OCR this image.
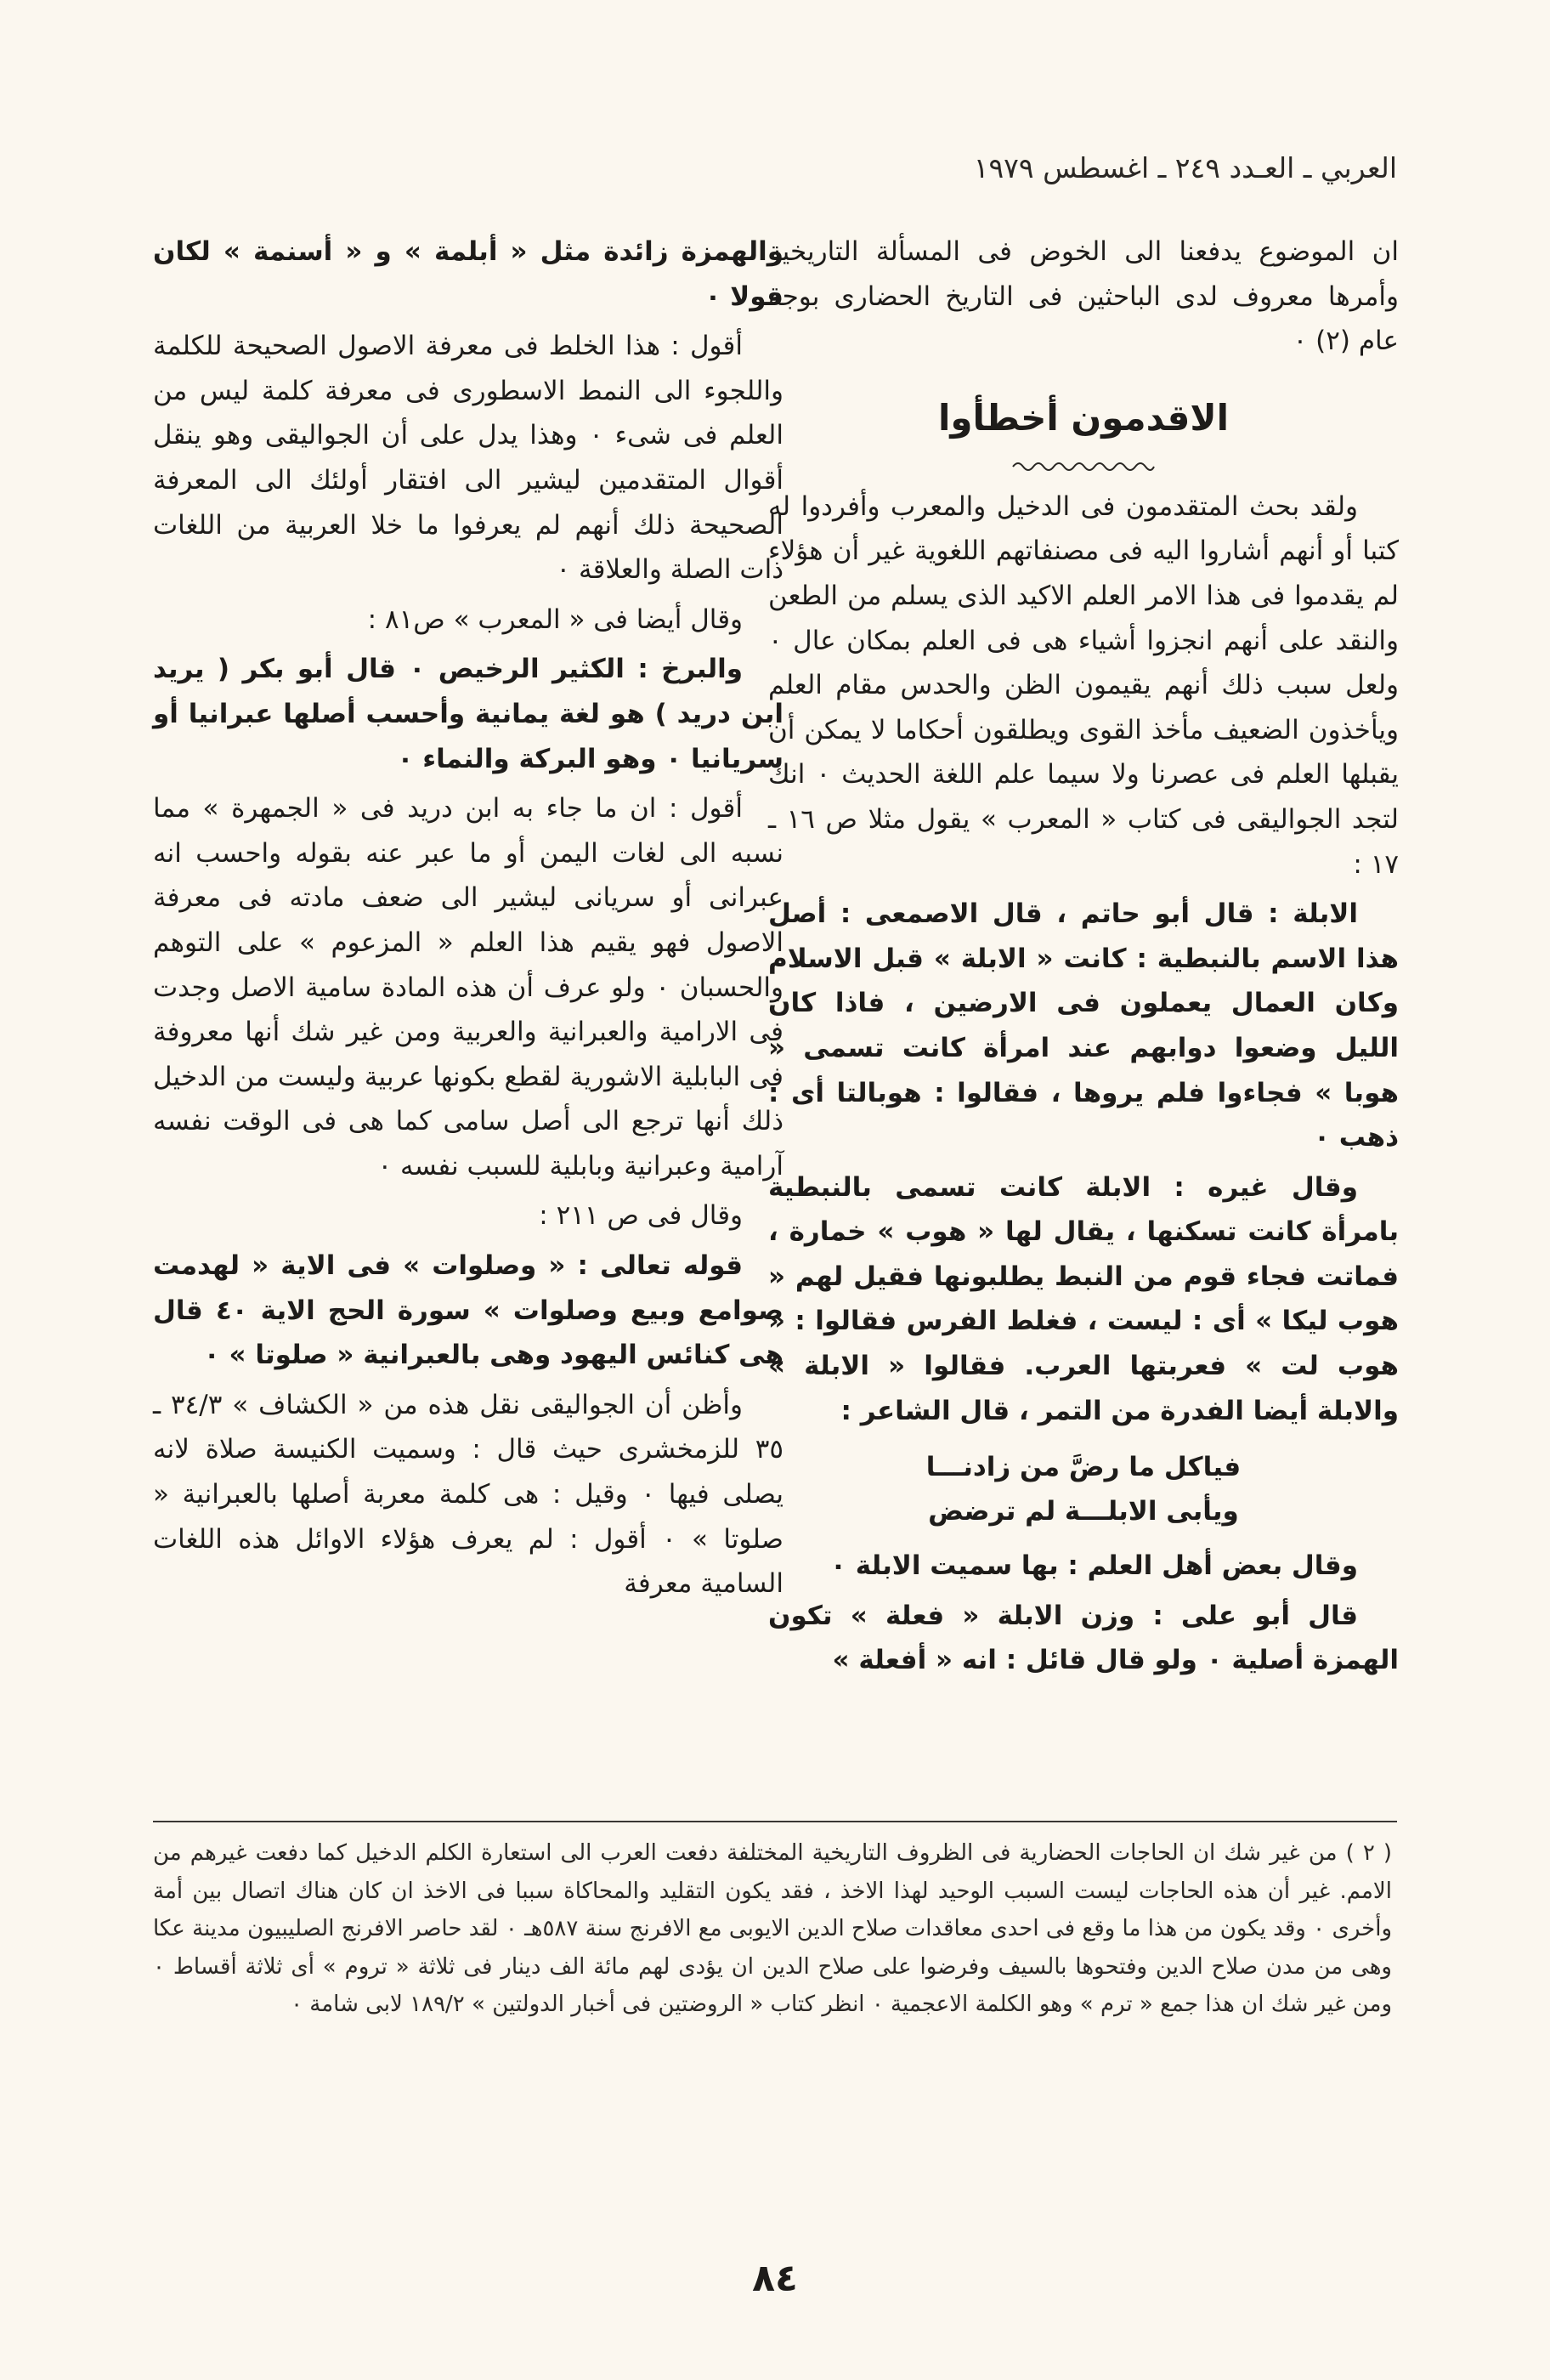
العربي ـ العـدد ٢٤٩ ـ اغسطس ١٩٧٩

ان الموضوع يدفعنا الى الخوض فى المسألة التاريخية وأمرها معروف لدى الباحثين فى التاريخ الحضارى بوجه عام (٢) ٠

الاقدمون أخطأوا

ولقد بحث المتقدمون فى الدخيل والمعرب وأفردوا له كتبا أو أنهم أشاروا اليه فى مصنفاتهم اللغوية غير أن هؤلاء لم يقدموا فى هذا الامر العلم الاكيد الذى يسلم من الطعن والنقد على أنهم انجزوا أشياء هى فى العلم بمكان عال ٠ ولعل سبب ذلك أنهم يقيمون الظن والحدس مقام العلم ويأخذون الضعيف مأخذ القوى ويطلقون أحكاما لا يمكن أن يقبلها العلم فى عصرنا ولا سيما علم اللغة الحديث ٠ انك لتجد الجواليقى فى كتاب « المعرب » يقول مثلا ص ١٦ ـ ١٧ :

الابلة : قال أبو حاتم ، قال الاصمعى : أصل هذا الاسم بالنبطية : كانت « الابلة » قبل الاسلام وكان العمال يعملون فى الارضين ، فاذا كان الليل وضعوا دوابهم عند امرأة كانت تسمى « هوبا » فجاءوا فلم يروها ، فقالوا : هوبالتا أى : ذهب ٠

وقال غيره : الابلة كانت تسمى بالنبطية بامرأة كانت تسكنها ، يقال لها « هوب » خمارة ، فماتت فجاء قوم من النبط يطلبونها فقيل لهم « هوب ليكا » أى : ليست ، فغلط الفرس فقالوا : « هوب لت » فعربتها العرب. فقالوا « الابلة » والابلة أيضا الفدرة من التمر ، قال الشاعر :

فياكل ما رضَّ من زادنـــا
ويأبى الابلـــة لم ترضض

وقال بعض أهل العلم : بها سميت الابلة ٠

قال أبو على : وزن الابلة « فعلة » تكون الهمزة أصلية ٠ ولو قال قائل : انه « أفعلة »

والهمزة زائدة مثل « أبلمة » و « أسنمة » لكان قولا ٠

أقول : هذا الخلط فى معرفة الاصول الصحيحة للكلمة واللجوء الى النمط الاسطورى فى معرفة كلمة ليس من العلم فى شىء ٠ وهذا يدل على أن الجواليقى وهو ينقل أقوال المتقدمين ليشير الى افتقار أولئك الى المعرفة الصحيحة ذلك أنهم لم يعرفوا ما خلا العربية من اللغات ذات الصلة والعلاقة ٠

وقال أيضا فى « المعرب » ص٨١ :

والبرخ : الكثير الرخيص ٠ قال أبو بكر ( يريد ابن دريد ) هو لغة يمانية وأحسب أصلها عبرانيا أو سريانيا ٠ وهو البركة والنماء ٠

أقول : ان ما جاء به ابن دريد فى « الجمهرة » مما نسبه الى لغات اليمن أو ما عبر عنه بقوله واحسب انه عبرانى أو سريانى ليشير الى ضعف مادته فى معرفة الاصول فهو يقيم هذا العلم « المزعوم » على التوهم والحسبان ٠ ولو عرف أن هذه المادة سامية الاصل وجدت فى الارامية والعبرانية والعربية ومن غير شك أنها معروفة فى البابلية الاشورية لقطع بكونها عربية وليست من الدخيل ذلك أنها ترجع الى أصل سامى كما هى فى الوقت نفسه آرامية وعبرانية وبابلية للسبب نفسه ٠

وقال فى ص ٢١١ :

قوله تعالى : « وصلوات » فى الاية « لهدمت صوامع وبيع وصلوات » سورة الحج الاية ٤٠ قال هى كنائس اليهود وهى بالعبرانية « صلوتا » ٠

وأظن أن الجواليقى نقل هذه من « الكشاف » ٣٤/٣ ـ ٣٥ للزمخشرى حيث قال : وسميت الكنيسة صلاة لانه يصلى فيها ٠ وقيل : هى كلمة معربة أصلها بالعبرانية « صلوتا » ٠ أقول : لم يعرف هؤلاء الاوائل هذه اللغات السامية معرفة

( ٢ ) من غير شك ان الحاجات الحضارية فى الظروف التاريخية المختلفة دفعت العرب الى استعارة الكلم الدخيل كما دفعت غيرهم من الامم. غير أن هذه الحاجات ليست السبب الوحيد لهذا الاخذ ، فقد يكون التقليد والمحاكاة سببا فى الاخذ ان كان هناك اتصال بين أمة وأخرى ٠ وقد يكون من هذا ما وقع فى احدى معاقدات صلاح الدين الايوبى مع الافرنج سنة ٥٨٧هـ ٠ لقد حاصر الافرنج الصليبيون مدينة عكا وهى من مدن صلاح الدين وفتحوها بالسيف وفرضوا على صلاح الدين ان يؤدى لهم مائة الف دينار فى ثلاثة « تروم » أى ثلاثة أقساط ٠ ومن غير شك ان هذا جمع « ترم » وهو الكلمة الاعجمية ٠ انظر كتاب « الروضتين فى أخبار الدولتين » ١٨٩/٢ لابى شامة ٠
٨٤
